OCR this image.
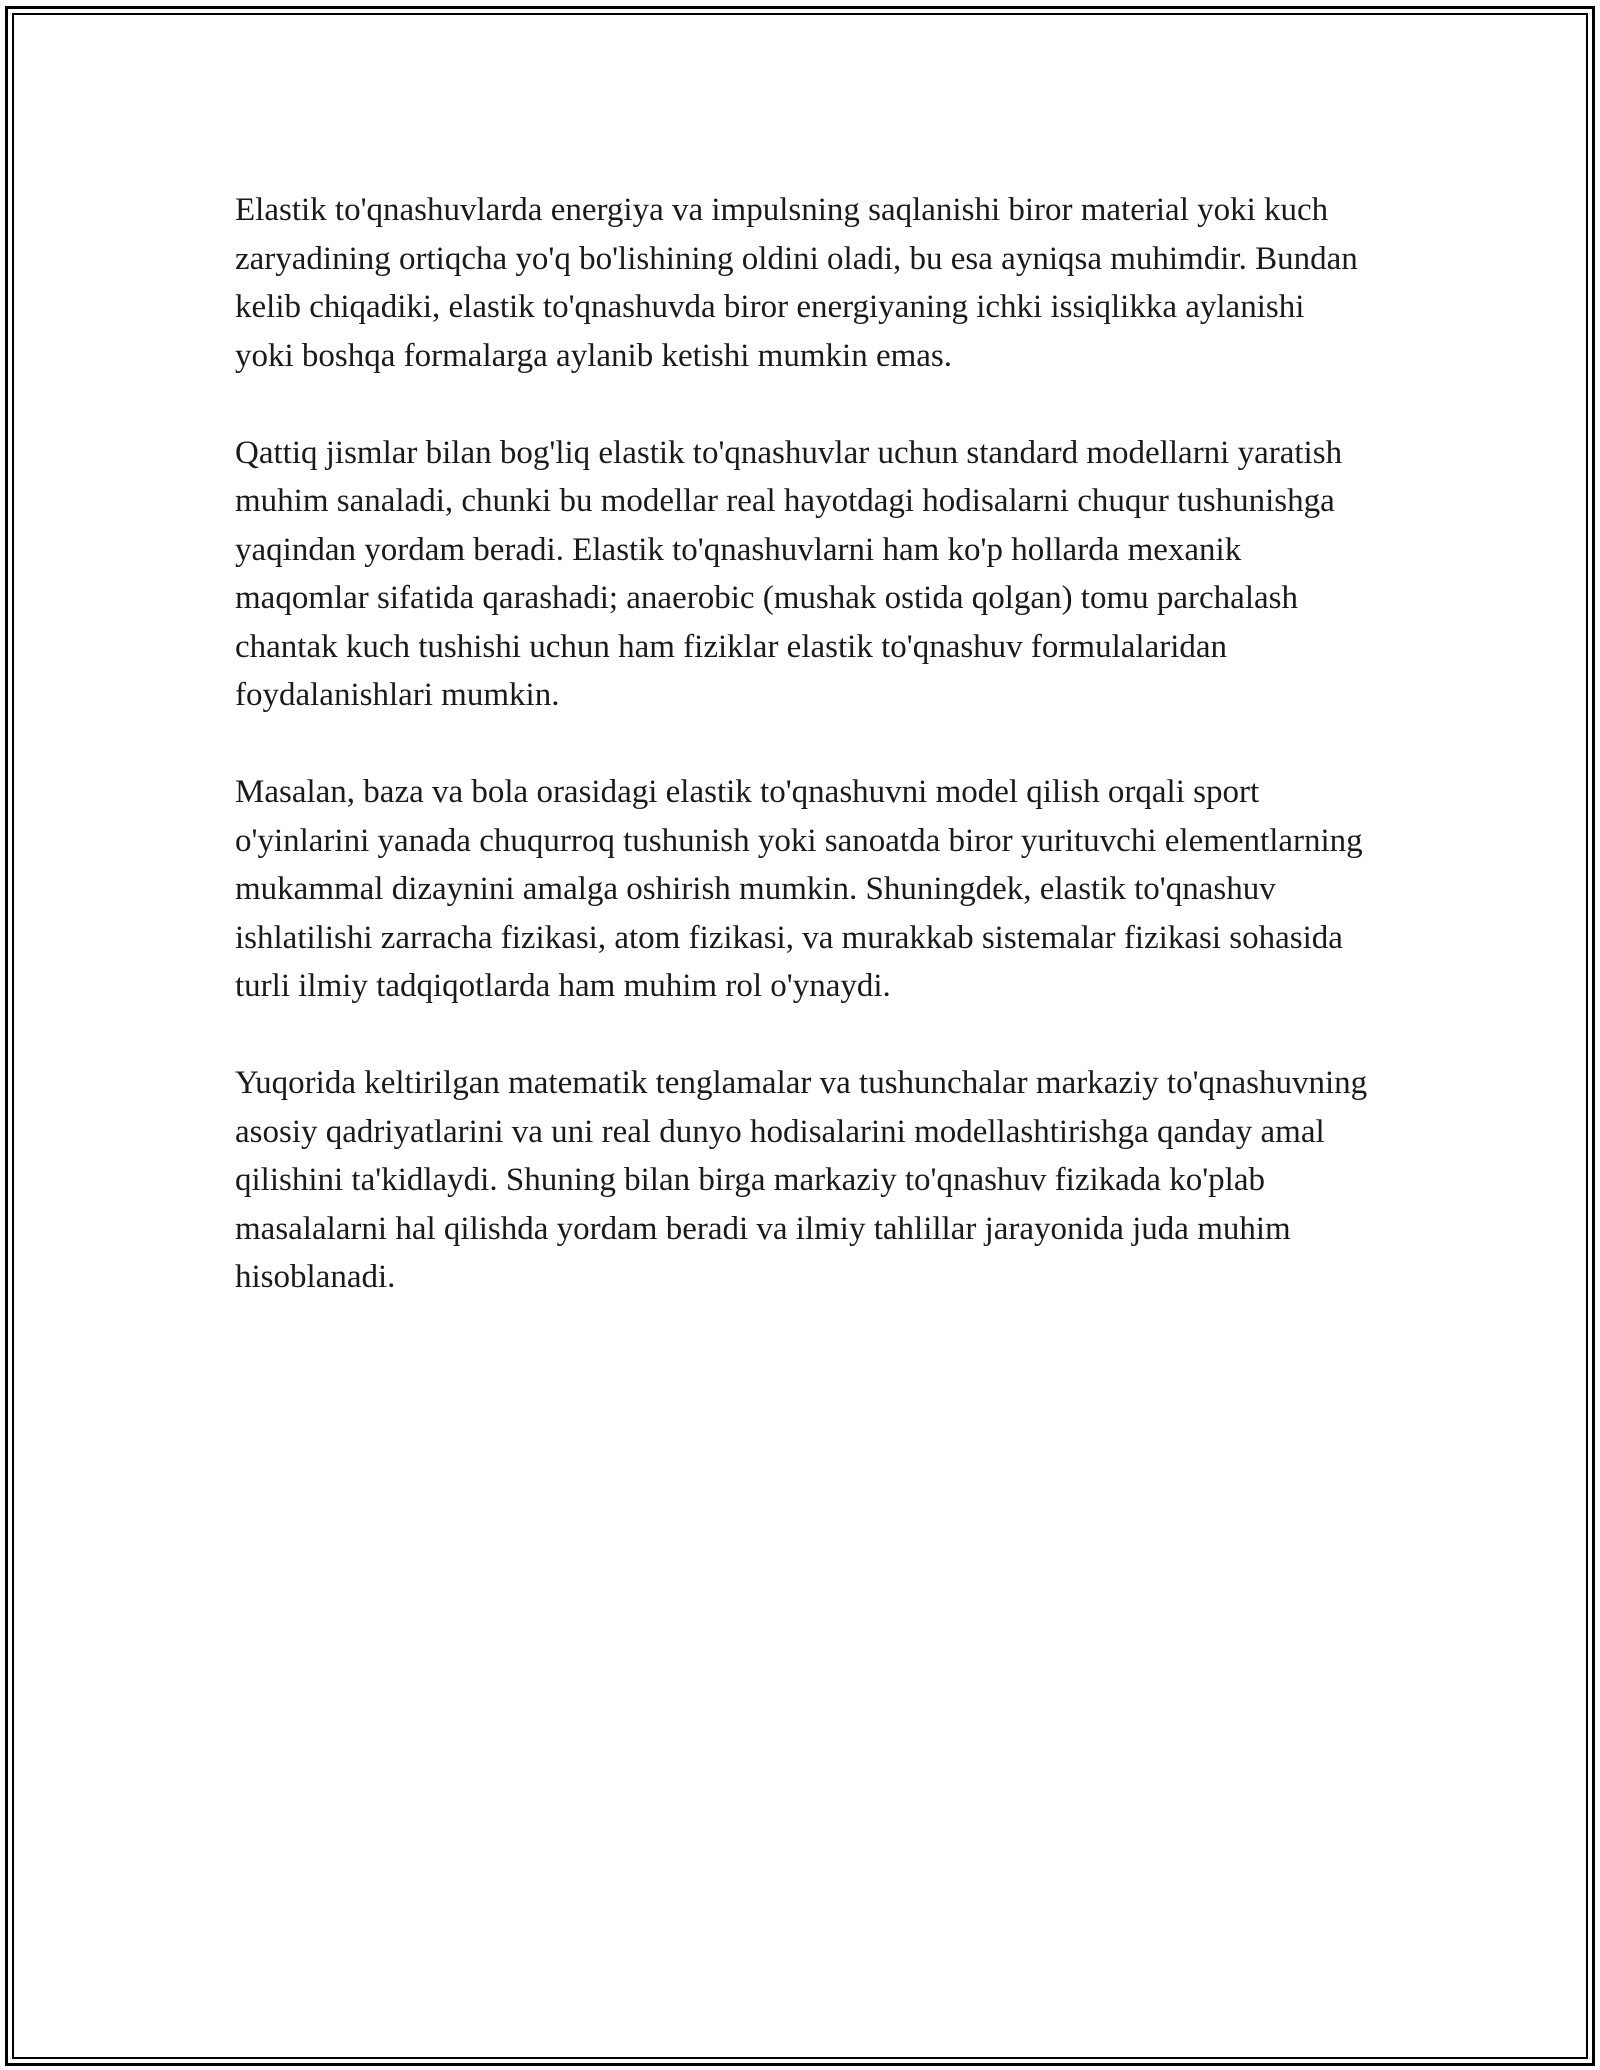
Elastik to'qnashuvlarda energiya va impulsning saqlanishi biror material yoki kuch zaryadining ortiqcha yo'q bo'lishining oldini oladi, bu esa ayniqsa muhimdir. Bundan kelib chiqadiki, elastik to'qnashuvda biror energiyaning ichki issiqlikka aylanishi yoki boshqa formalarga aylanib ketishi mumkin emas.

Qattiq jismlar bilan bog'liq elastik to'qnashuvlar uchun standard modellarni yaratish muhim sanaladi, chunki bu modellar real hayotdagi hodisalarni chuqur tushunishga yaqindan yordam beradi. Elastik to'qnashuvlarni ham ko'p hollarda mexanik maqomlar sifatida qarashadi; anaerobic (mushak ostida qolgan) tomu parchalash chantak kuch tushishi uchun ham fiziklar elastik to'qnashuv formulalaridan foydalanishlari mumkin.

Masalan, baza va bola orasidagi elastik to'qnashuvni model qilish orqali sport o'yinlarini yanada chuqurroq tushunish yoki sanoatda biror yurituvchi elementlarning mukammal dizaynini amalga oshirish mumkin. Shuningdek, elastik to'qnashuv ishlatilishi zarracha fizikasi, atom fizikasi, va murakkab sistemalar fizikasi sohasida turli ilmiy tadqiqotlarda ham muhim rol o'ynaydi.

Yuqorida keltirilgan matematik tenglamalar va tushunchalar markaziy to'qnashuvning asosiy qadriyatlarini va uni real dunyo hodisalarini modellashtirishga qanday amal qilishini ta'kidlaydi. Shuning bilan birga markaziy to'qnashuv fizikada ko'plab masalalarni hal qilishda yordam beradi va ilmiy tahlillar jarayonida juda muhim hisoblanadi.
